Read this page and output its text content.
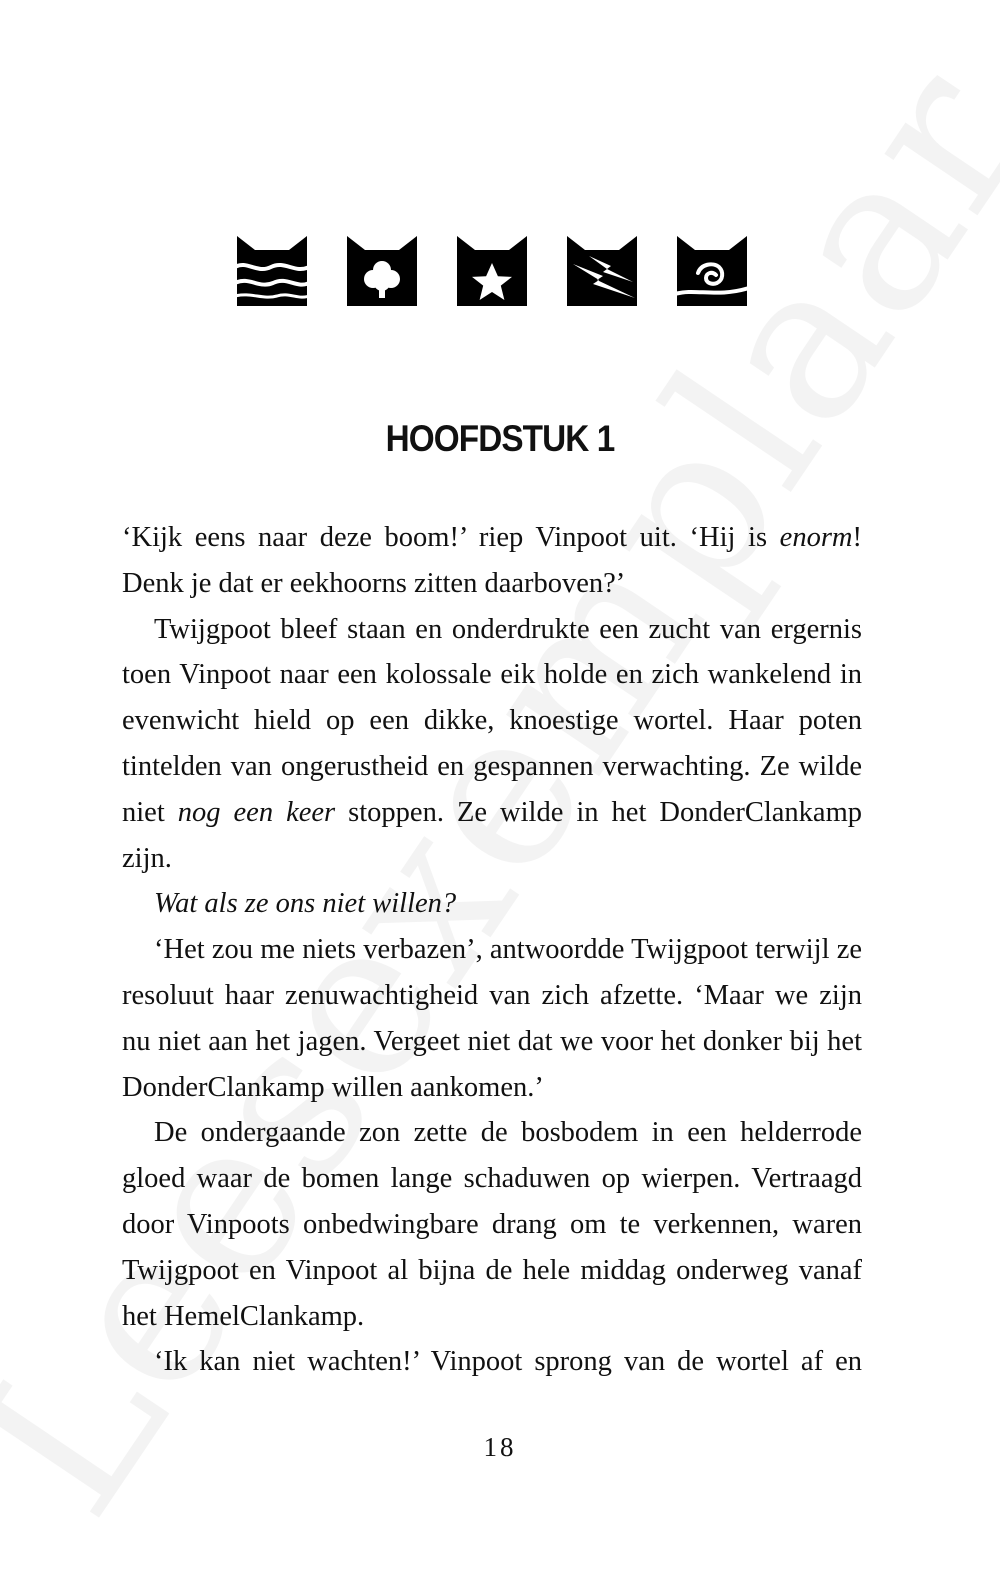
HOOFDSTUK 1

‘Kijk eens naar deze boom!’ riep Vinpoot uit. ‘Hij is enorm! Denk je dat er eekhoorns zitten daarboven?’

Twijgpoot bleef staan en onderdrukte een zucht van ergernis toen Vinpoot naar een kolossale eik holde en zich wankelend in evenwicht hield op een dikke, knoestige wortel. Haar poten tintelden van ongerustheid en gespannen verwachting. Ze wilde niet nog een keer stoppen. Ze wilde in het DonderClankamp zijn.

Wat als ze ons niet willen?

‘Het zou me niets verbazen’, antwoordde Twijgpoot terwijl ze resoluut haar zenuwachtigheid van zich afzette. ‘Maar we zijn nu niet aan het jagen. Vergeet niet dat we voor het donker bij het DonderClankamp willen aankomen.’

De ondergaande zon zette de bosbodem in een helderrode gloed waar de bomen lange schaduwen op wierpen. Vertraagd door Vinpoots onbedwingbare drang om te verkennen, waren Twijgpoot en Vinpoot al bijna de hele middag onderweg vanaf het HemelClankamp.

‘Ik kan niet wachten!’ Vinpoot sprong van de wortel af en

18
